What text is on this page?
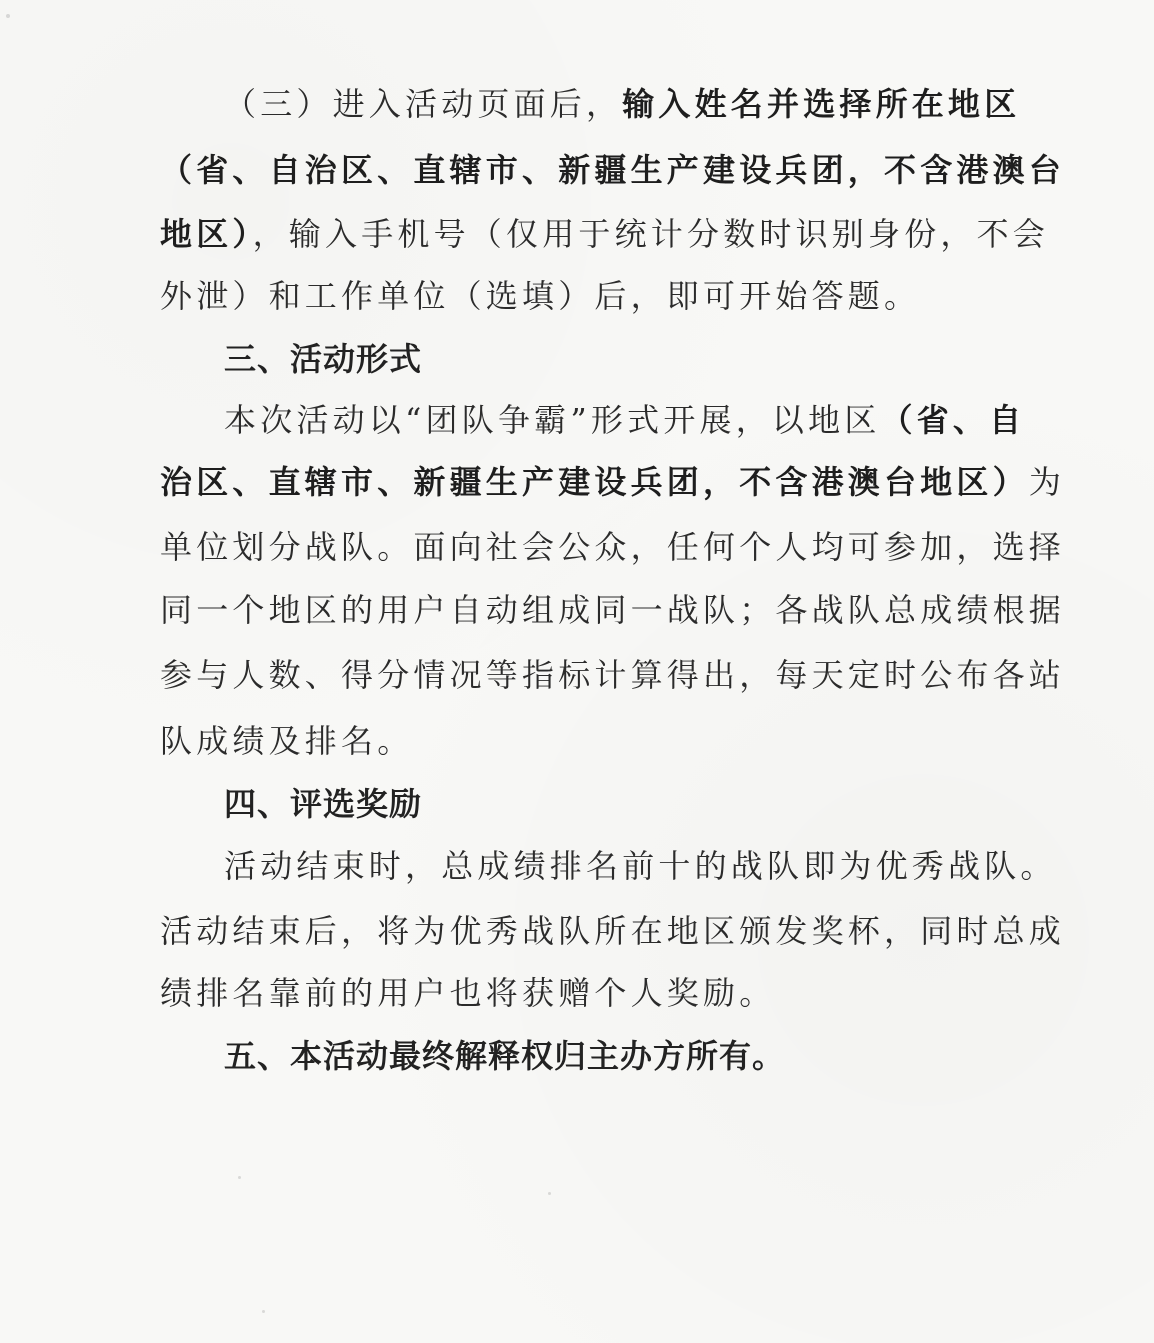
（三）进入活动页面后，输入姓名并选择所在地区

（省、自治区、直辖市、新疆生产建设兵团，不含港澳台

地区），输入手机号（仅用于统计分数时识别身份，不会

外泄）和工作单位（选填）后，即可开始答题。

三、活动形式

本次活动以“团队争霸”形式开展，以地区（省、自

治区、直辖市、新疆生产建设兵团，不含港澳台地区）为

单位划分战队。面向社会公众，任何个人均可参加，选择

同一个地区的用户自动组成同一战队；各战队总成绩根据

参与人数、得分情况等指标计算得出，每天定时公布各站

队成绩及排名。

四、评选奖励

活动结束时，总成绩排名前十的战队即为优秀战队。

活动结束后，将为优秀战队所在地区颁发奖杯，同时总成

绩排名靠前的用户也将获赠个人奖励。

五、本活动最终解释权归主办方所有。
